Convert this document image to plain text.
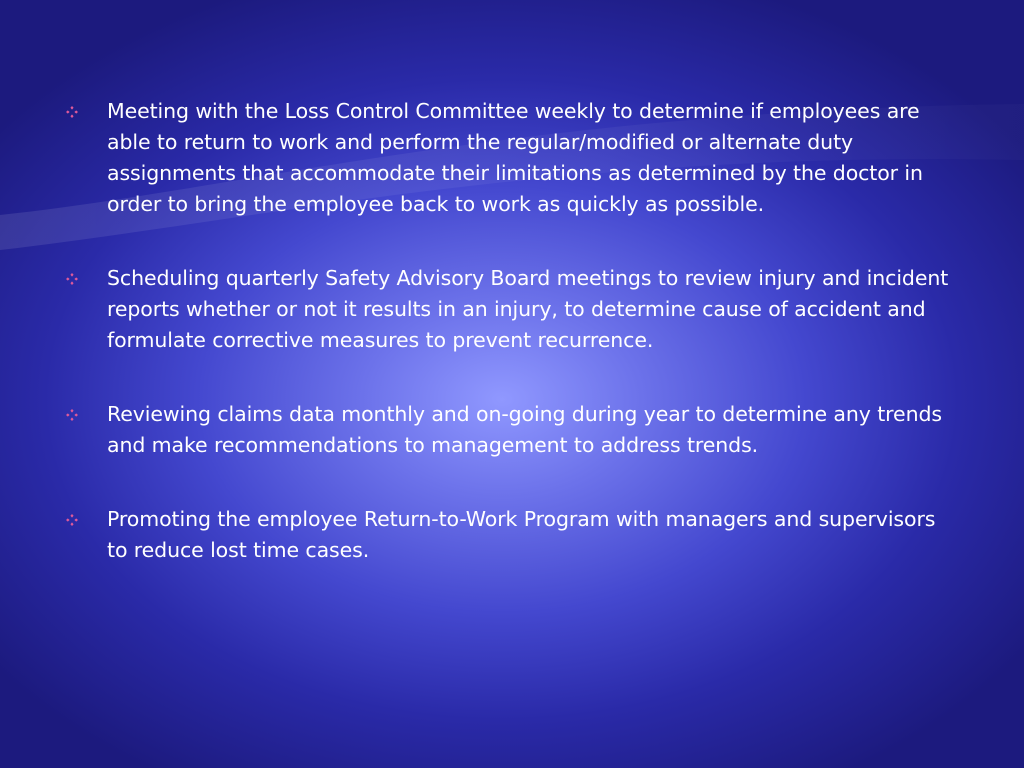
Meeting with the Loss Control Committee weekly to determine if employees are able to return to work and perform the regular/modified or alternate duty assignments that accommodate their limitations as determined by the doctor in order to bring the employee back to work as quickly as possible.
Scheduling quarterly Safety Advisory Board meetings to review injury and incident reports whether or not it results in an injury, to determine cause of accident and formulate corrective measures to prevent recurrence.
Reviewing claims data monthly and on-going during year to determine any trends and make recommendations to management to address trends.
Promoting the employee Return-to-Work Program with managers and supervisors to reduce lost time cases.
